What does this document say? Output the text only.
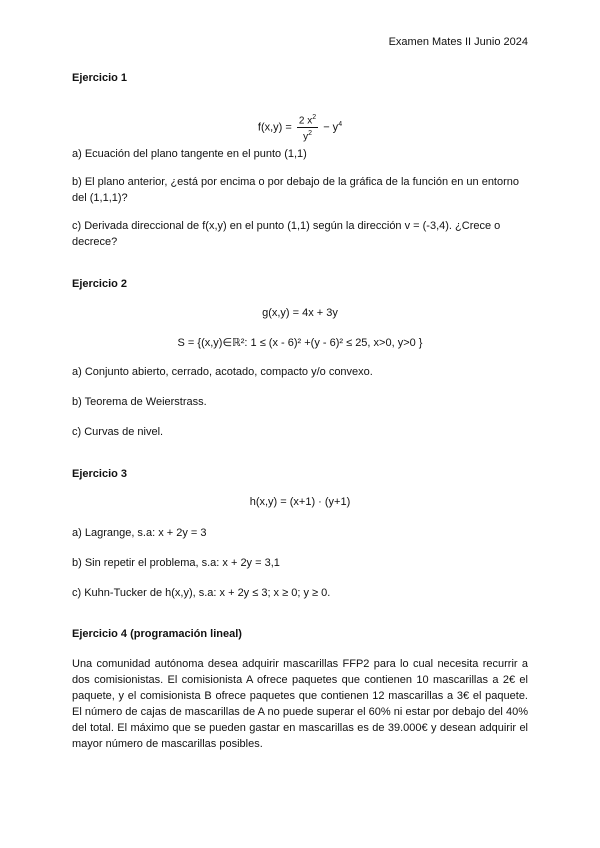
Examen Mates II Junio 2024
Ejercicio 1
$f(x,y) = \frac{2 x^2}{y^2} - y^4$
a) Ecuación del plano tangente en el punto (1,1)
b) El plano anterior, ¿está por encima o por debajo de la gráfica de la función en un entorno del (1,1,1)?
c) Derivada direccional de f(x,y) en el punto (1,1) según la dirección v = (-3,4). ¿Crece o decrece?
Ejercicio 2
g(x,y) = 4x + 3y
S = {(x,y)∈ℝ²: 1 ≤ (x - 6)² +(y - 6)² ≤ 25, x>0, y>0 }
a) Conjunto abierto, cerrado, acotado, compacto y/o convexo.
b) Teorema de Weierstrass.
c) Curvas de nivel.
Ejercicio 3
h(x,y) = (x+1) · (y+1)
a) Lagrange, s.a: x + 2y = 3
b) Sin repetir el problema, s.a: x + 2y = 3,1
c) Kuhn-Tucker de h(x,y), s.a: x + 2y ≤ 3; x ≥ 0; y ≥ 0.
Ejercicio 4 (programación lineal)
Una comunidad autónoma desea adquirir mascarillas FFP2 para lo cual necesita recurrir a dos comisionistas. El comisionista A ofrece paquetes que contienen 10 mascarillas a 2€ el paquete, y el comisionista B ofrece paquetes que contienen 12 mascarillas a 3€ el paquete. El número de cajas de mascarillas de A no puede superar el 60% ni estar por debajo del 40% del total. El máximo que se pueden gastar en mascarillas es de 39.000€ y desean adquirir el mayor número de mascarillas posibles.
